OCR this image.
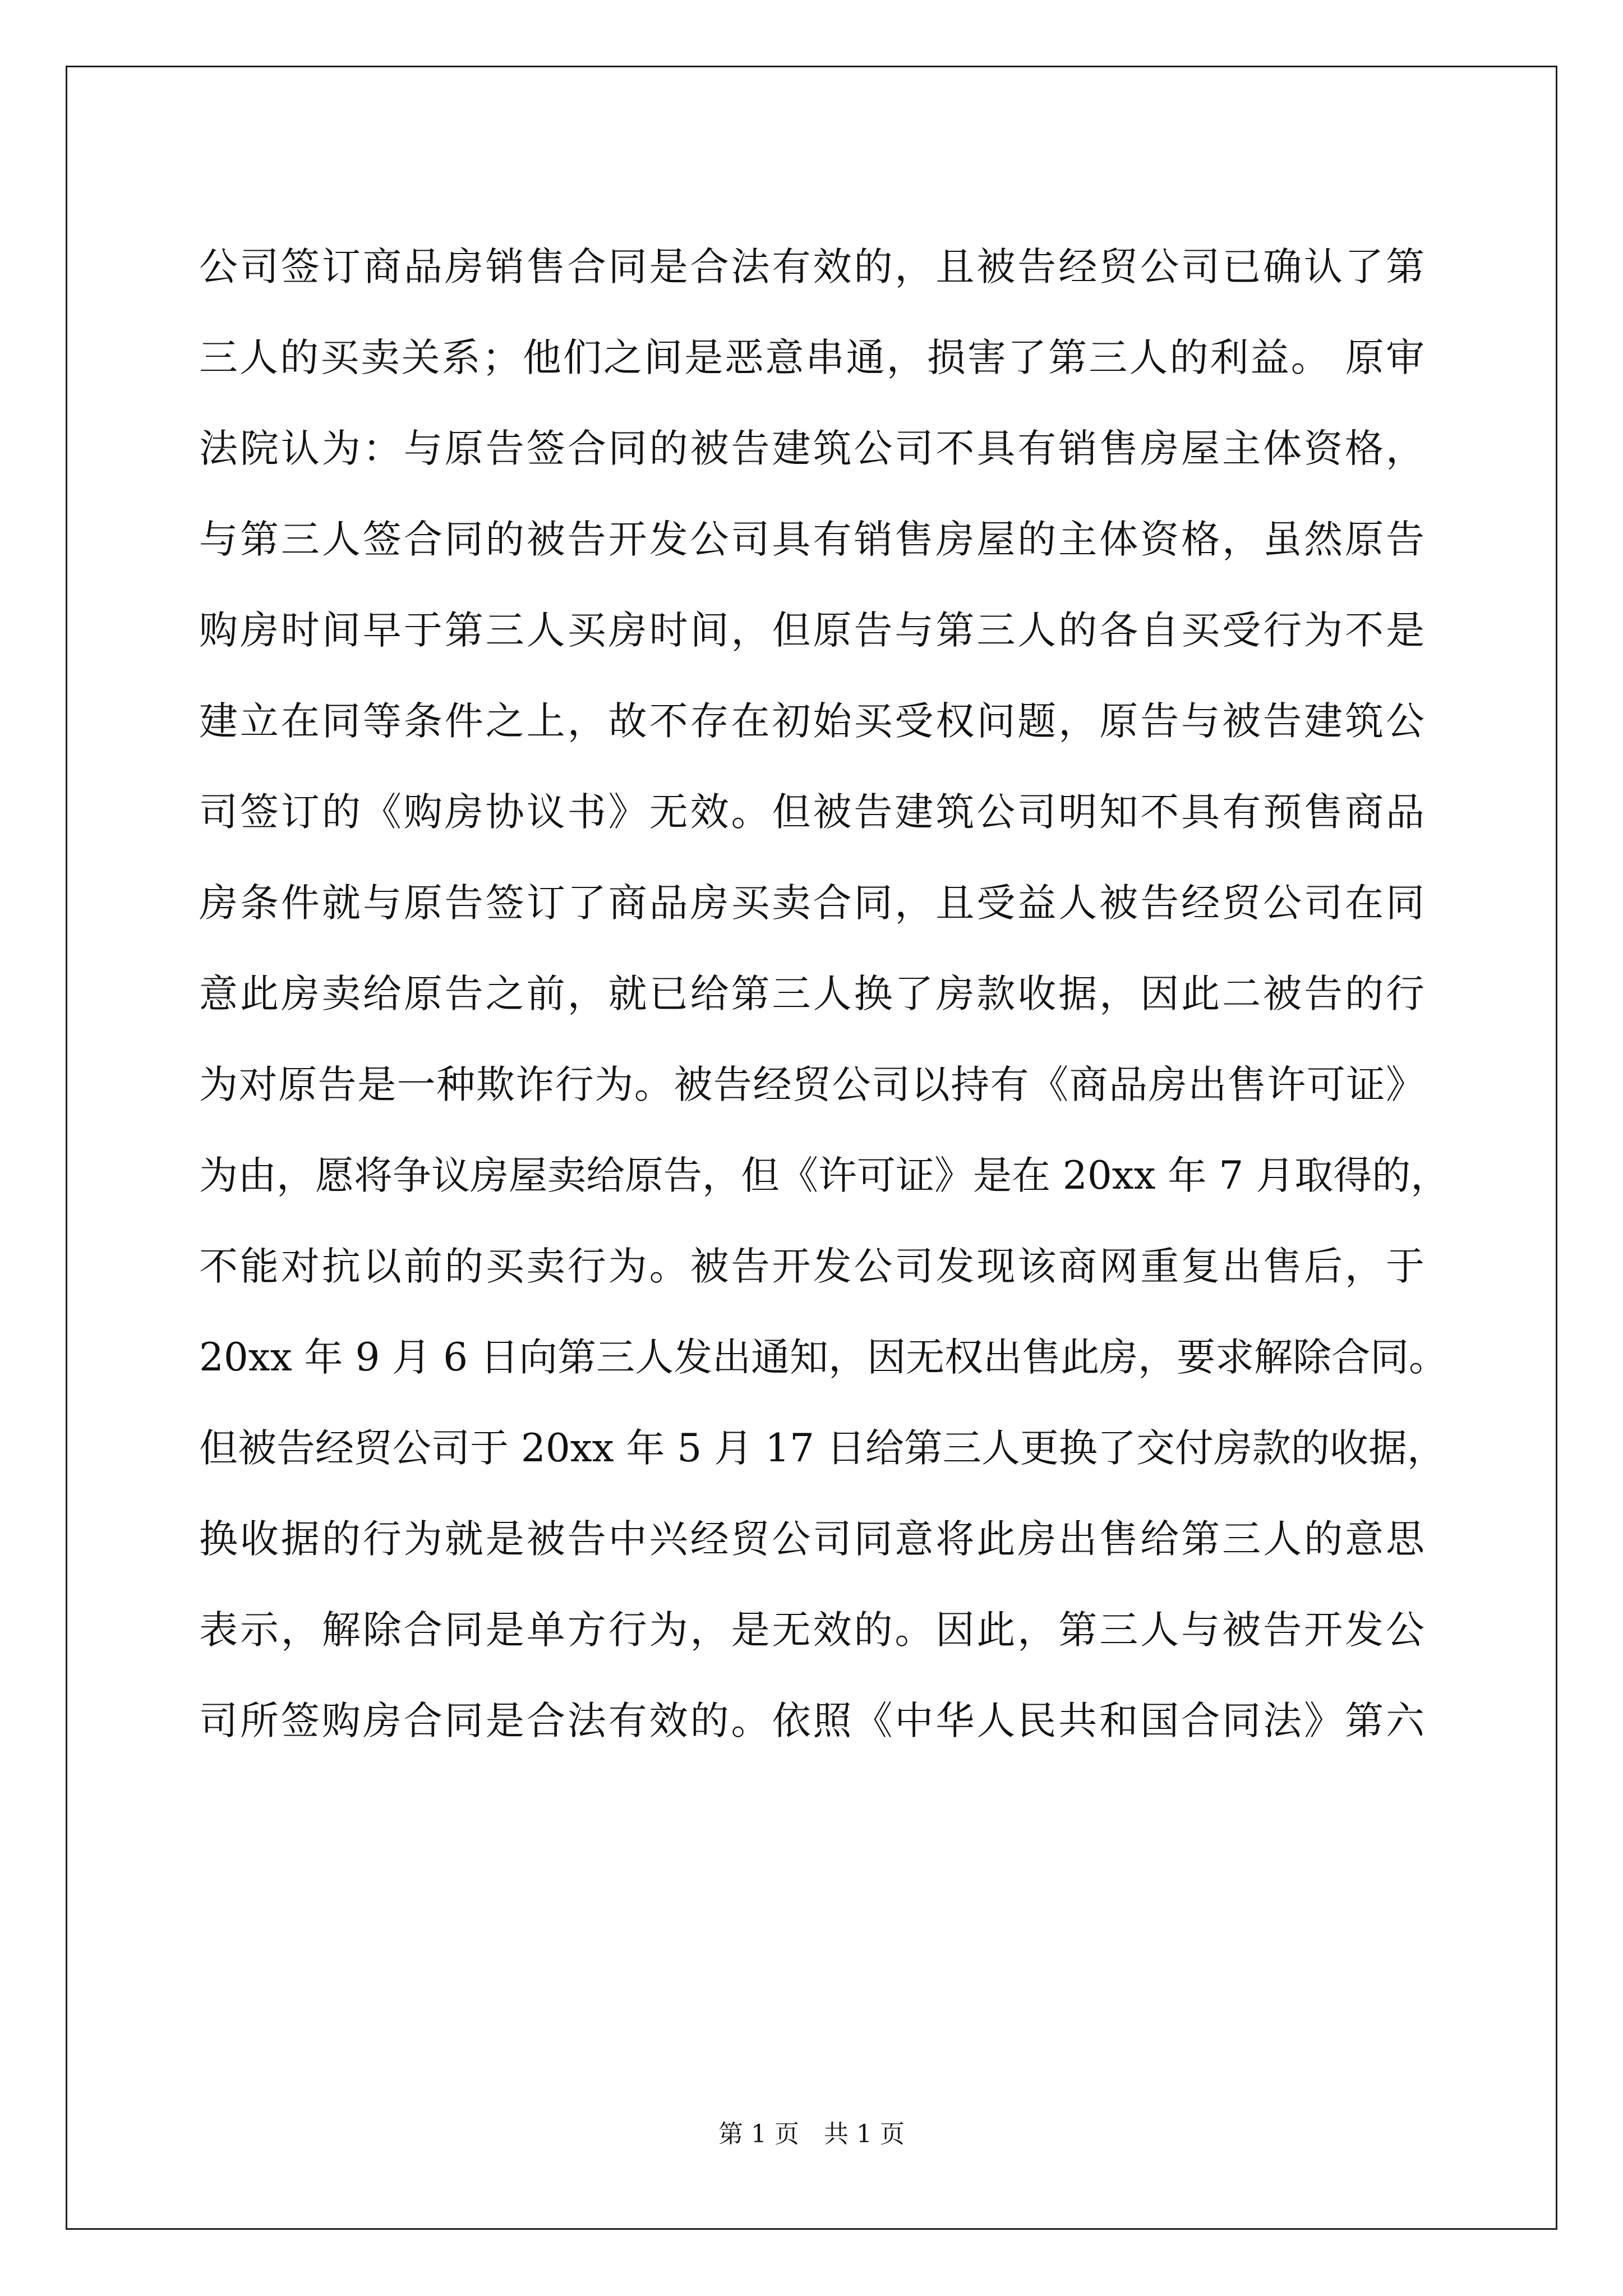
公司签订商品房销售合同是合法有效的，且被告经贸公司已确认了第
三人的买卖关系；他们之间是恶意串通，损害了第三人的利益。 原审
法院认为：与原告签合同的被告建筑公司不具有销售房屋主体资格，
与第三人签合同的被告开发公司具有销售房屋的主体资格，虽然原告
购房时间早于第三人买房时间，但原告与第三人的各自买受行为不是
建立在同等条件之上，故不存在初始买受权问题，原告与被告建筑公
司签订的《购房协议书》无效。但被告建筑公司明知不具有预售商品
房条件就与原告签订了商品房买卖合同，且受益人被告经贸公司在同
意此房卖给原告之前，就已给第三人换了房款收据，因此二被告的行
为对原告是一种欺诈行为。被告经贸公司以持有《商品房出售许可证》
为由，愿将争议房屋卖给原告，但《许可证》是在 20xx 年 7 月取得的，
不能对抗以前的买卖行为。被告开发公司发现该商网重复出售后，于
20xx 年 9 月 6 日向第三人发出通知，因无权出售此房，要求解除合同。
但被告经贸公司于 20xx 年 5 月 17 日给第三人更换了交付房款的收据，
换收据的行为就是被告中兴经贸公司同意将此房出售给第三人的意思
表示，解除合同是单方行为，是无效的。因此，第三人与被告开发公
司所签购房合同是合法有效的。依照《中华人民共和国合同法》第六
第 1 页 共 1 页
